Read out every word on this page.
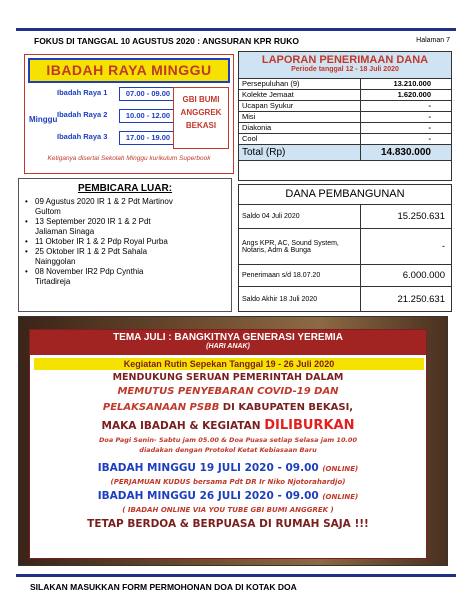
FOKUS DI TANGGAL 10 AGUSTUS 2020 : ANGSURAN KPR RUKO	Halaman 7
IBADAH RAYA MINGGU
Minggu
Ibadah Raya 1	07.00 - 09.00
Ibadah Raya 2	10.00 - 12.00
Ibadah Raya 3	17.00 - 19.00
GBI BUMI
ANGGREK
BEKASI
Ketiganya disertai Sekolah Minggu kurikulum Superbook
LAPORAN PENERIMAAN DANA
Periode tanggal 12 - 18 Juli 2020
Persepuluhan (9)	13.210.000
Kolekte Jemaat	1.620.000
Ucapan Syukur	-
Misi	-
Diakonia	-
Cool	-
Total (Rp)	14.830.000
PEMBICARA LUAR:
• 09 Agustus 2020 IR 1 & 2 Pdt Martinov
Gultom
• 13 September 2020 IR 1 & 2 Pdt
Jaliaman Sinaga
• 11 Oktober IR 1 & 2 Pdp Royal Purba
• 25 Oktober IR 1 & 2 Pdt Sahala
Nainggolan
• 08 November IR2 Pdp Cynthia
Tirtadireja
DANA PEMBANGUNAN
Saldo 04 Juli 2020	15.250.631
Angs KPR, AC, Sound System, Notaris, Adm & Bunga	-
Penerimaan s/d 18.07.20	6.000.000
Saldo Akhir 18 Juli 2020	21.250.631
TEMA JULI : BANGKITNYA GENERASI YEREMIA
(HARI ANAK)
Kegiatan Rutin Sepekan Tanggal 19 - 26 Juli 2020
MENDUKUNG SERUAN PEMERINTAH DALAM
MEMUTUS PENYEBARAN COVID-19 DAN
PELAKSANAAN PSBB DI KABUPATEN BEKASI,
MAKA IBADAH & KEGIATAN DILIBURKAN
Doa Pagi Senin- Sabtu jam 05.00 & Doa Puasa setiap Selasa jam 10.00
diadakan dengan Protokol Ketat Kebiasaan Baru
IBADAH MINGGU 19 JULI 2020 - 09.00 (ONLINE)
(PERJAMUAN KUDUS bersama Pdt DR Ir Niko Njotorahardjo)
IBADAH MINGGU 26 JULI 2020 - 09.00 (ONLINE)
( IBADAH ONLINE VIA YOU TUBE GBI BUMI ANGGREK )
TETAP BERDOA & BERPUASA DI RUMAH SAJA !!!
SILAKAN MASUKKAN FORM PERMOHONAN DOA DI KOTAK DOA
